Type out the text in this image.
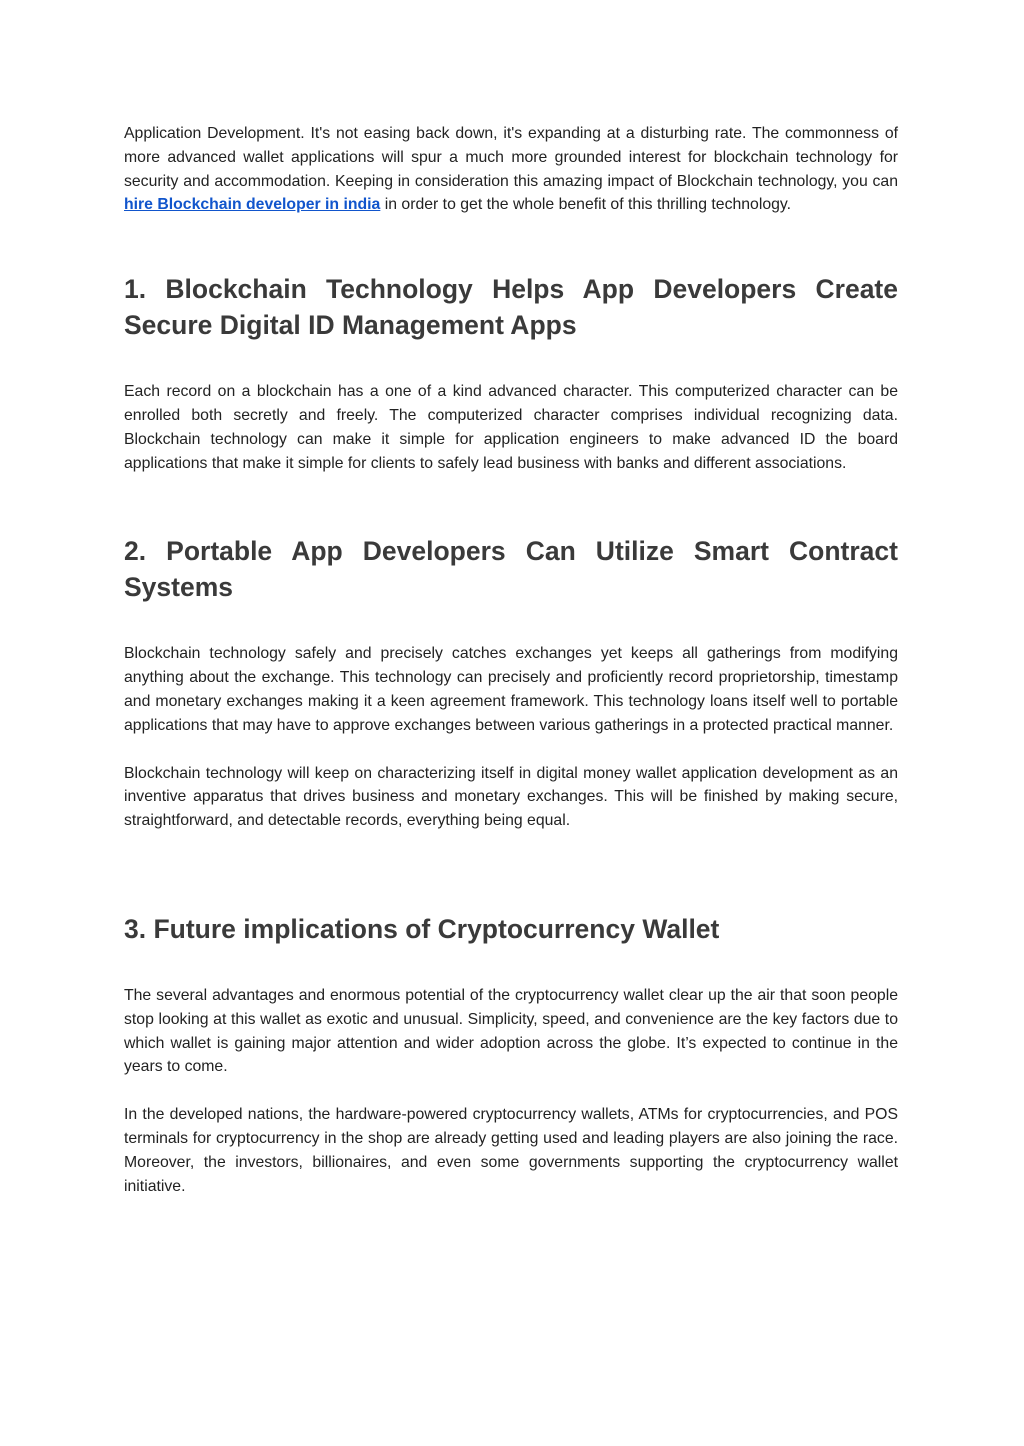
Application Development. It's not easing back down, it's expanding at a disturbing rate. The commonness of more advanced wallet applications will spur a much more grounded interest for blockchain technology for security and accommodation. Keeping in consideration this amazing impact of Blockchain technology, you can hire Blockchain developer in india in order to get the whole benefit of this thrilling technology.

1. Blockchain Technology Helps App Developers Create Secure Digital ID Management Apps

Each record on a blockchain has a one of a kind advanced character. This computerized character can be enrolled both secretly and freely. The computerized character comprises individual recognizing data. Blockchain technology can make it simple for application engineers to make advanced ID the board applications that make it simple for clients to safely lead business with banks and different associations.

2. Portable App Developers Can Utilize Smart Contract Systems

Blockchain technology safely and precisely catches exchanges yet keeps all gatherings from modifying anything about the exchange. This technology can precisely and proficiently record proprietorship, timestamp and monetary exchanges making it a keen agreement framework. This technology loans itself well to portable applications that may have to approve exchanges between various gatherings in a protected practical manner.

Blockchain technology will keep on characterizing itself in digital money wallet application development as an inventive apparatus that drives business and monetary exchanges. This will be finished by making secure, straightforward, and detectable records, everything being equal.

3. Future implications of Cryptocurrency Wallet

The several advantages and enormous potential of the cryptocurrency wallet clear up the air that soon people stop looking at this wallet as exotic and unusual. Simplicity, speed, and convenience are the key factors due to which wallet is gaining major attention and wider adoption across the globe. It’s expected to continue in the years to come.

In the developed nations, the hardware-powered cryptocurrency wallets, ATMs for cryptocurrencies, and POS terminals for cryptocurrency in the shop are already getting used and leading players are also joining the race. Moreover, the investors, billionaires, and even some governments supporting the cryptocurrency wallet initiative.
